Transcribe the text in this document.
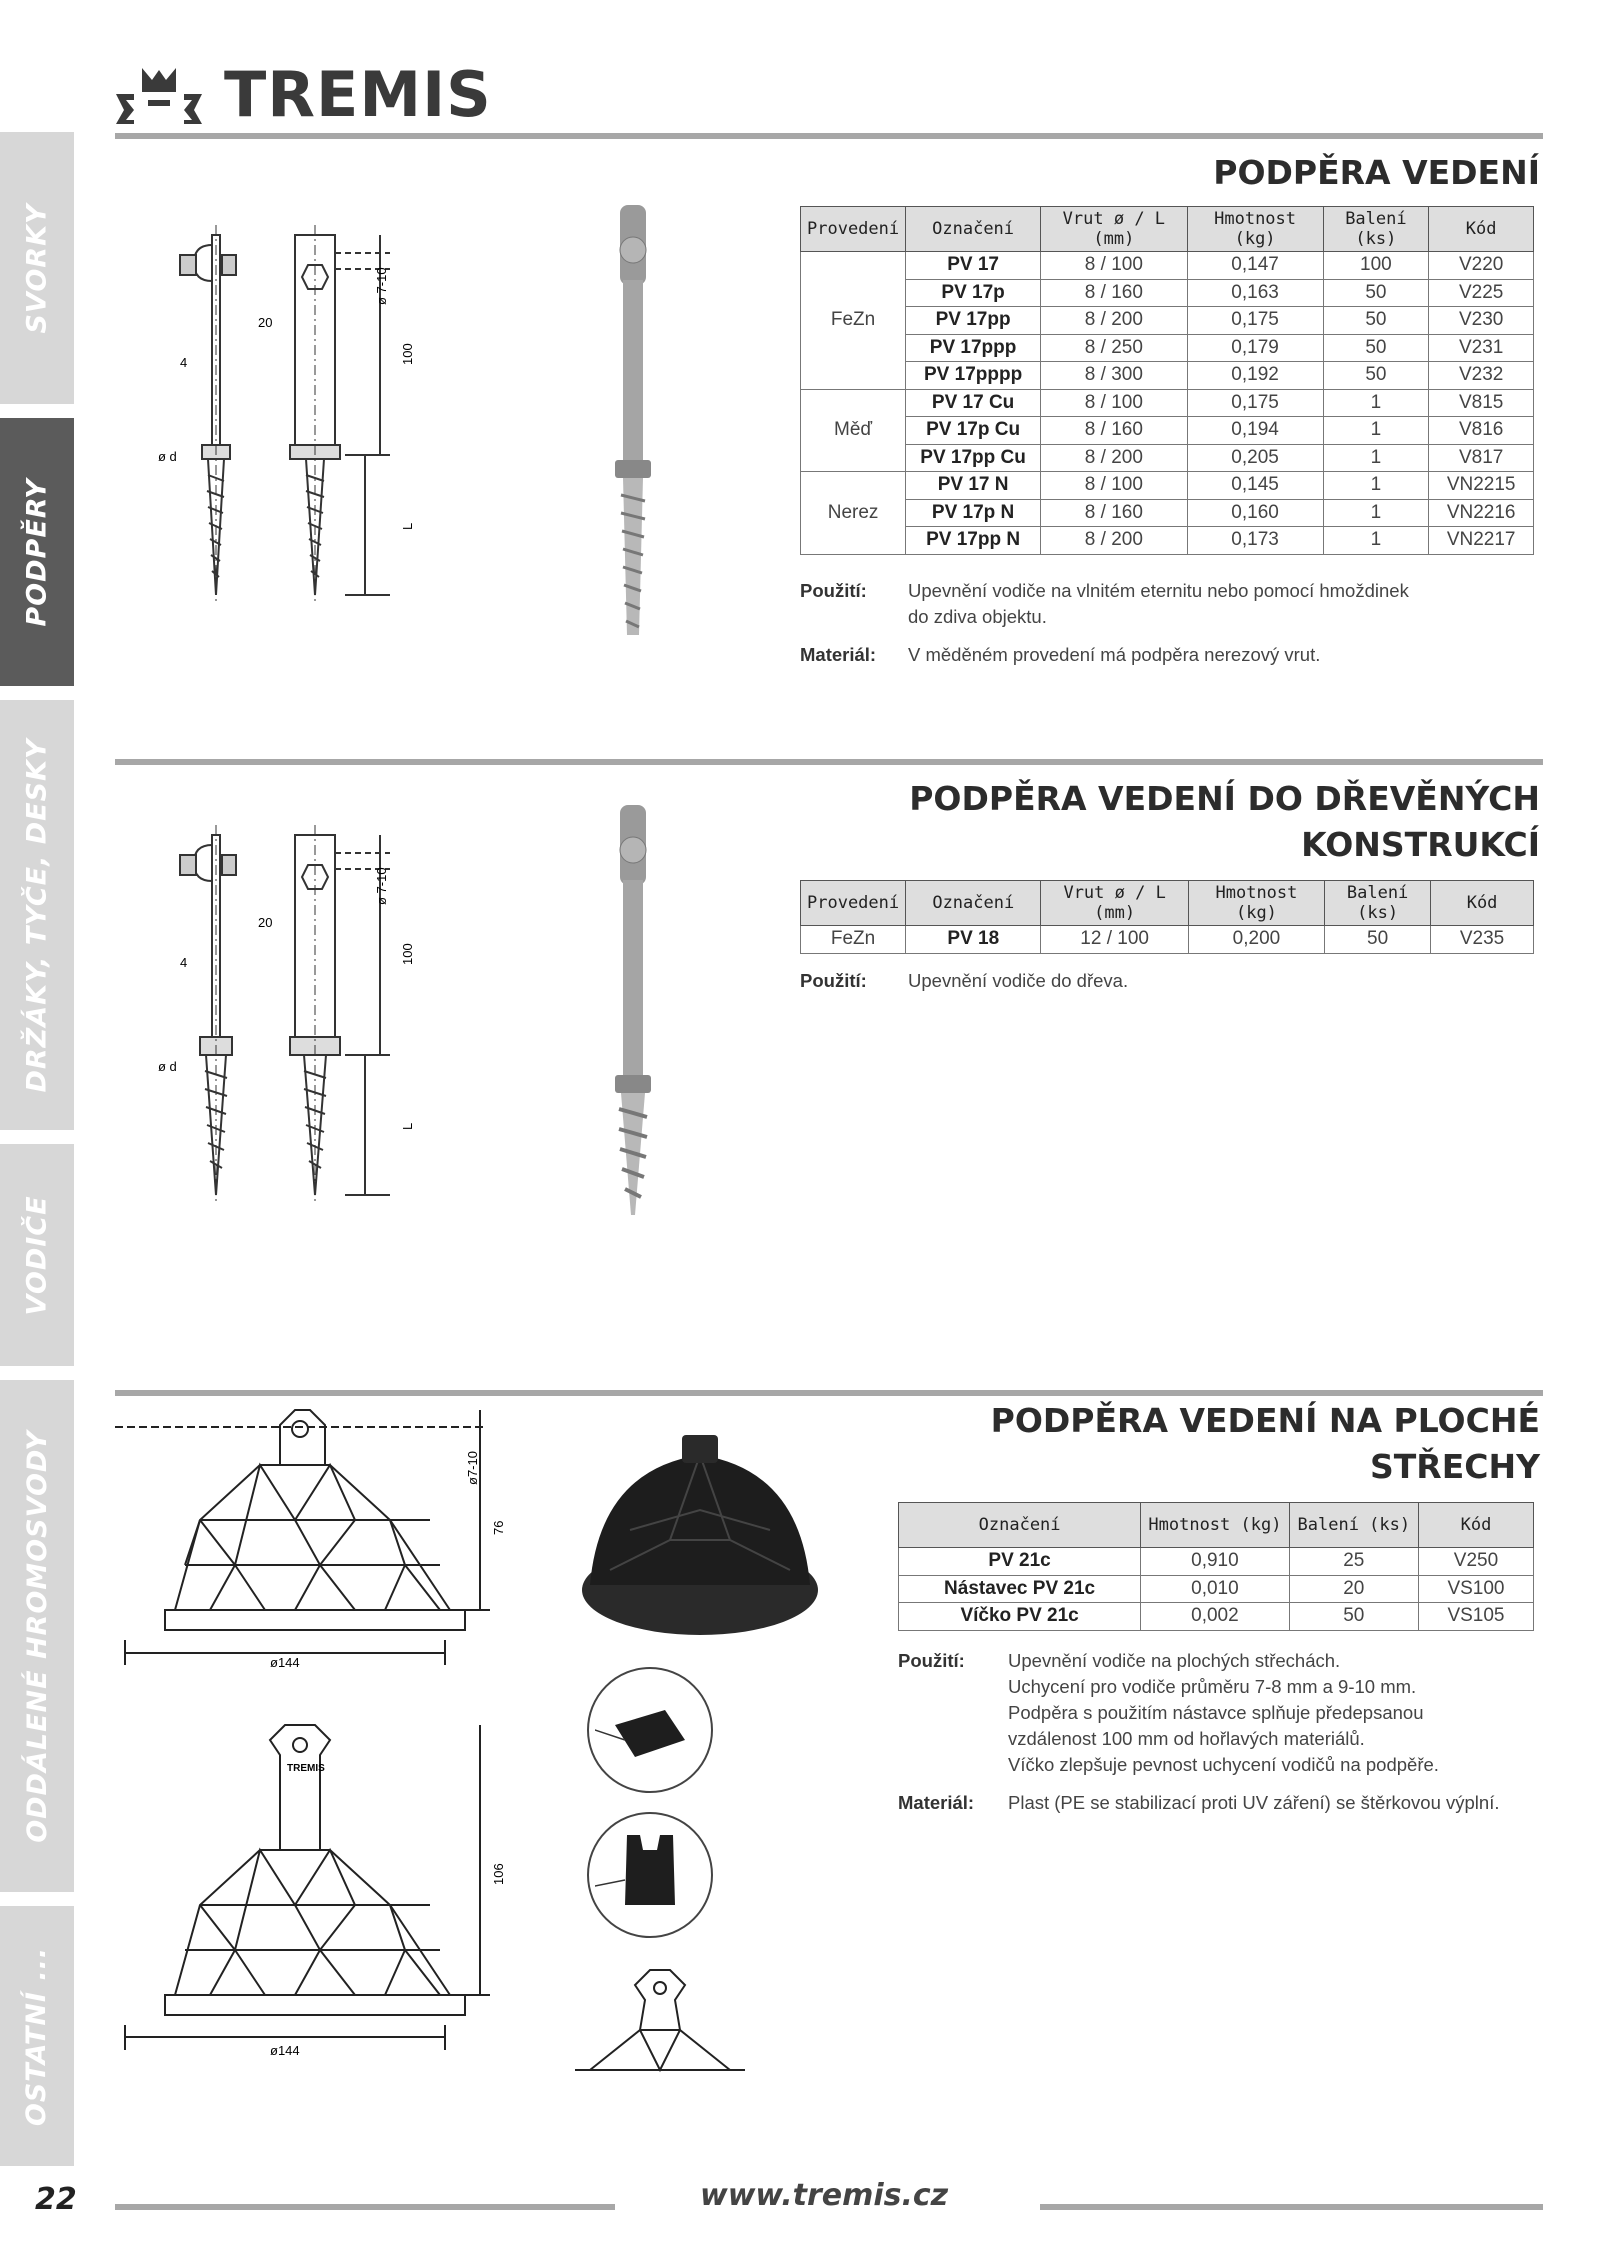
TREMIS
SVORKY
PODPĚRY
DRŽÁKY, TYČE, DESKY
VODIČE
ODDÁLENÉ HROMOSVODY
OSTATNÍ ...
PODPĚRA VEDENÍ
ø 7-10
20
4	100
ø d
L
Provedení	Označení	Vrut ø / L (mm)	Hmotnost (kg)	Balení (ks)	Kód
FeZn	PV 17	8 / 100	0,147	100	V220
	PV 17p	8 / 160	0,163	50	V225
	PV 17pp	8 / 200	0,175	50	V230
	PV 17ppp	8 / 250	0,179	50	V231
	PV 17pppp	8 / 300	0,192	50	V232
Měď	PV 17 Cu	8 / 100	0,175	1	V815
	PV 17p Cu	8 / 160	0,194	1	V816
	PV 17pp Cu	8 / 200	0,205	1	V817
Nerez	PV 17 N	8 / 100	0,145	1	VN2215
	PV 17p N	8 / 160	0,160	1	VN2216
	PV 17pp N	8 / 200	0,173	1	VN2217
Použití: Upevnění vodiče na vlnitém eternitu nebo pomocí hmoždinek
do zdiva objektu.
Materiál: V měděném provedení má podpěra nerezový vrut.
PODPĚRA VEDENÍ DO DŘEVĚNÝCH
KONSTRUKCÍ
ø 7-10
20
4	100
ø d
L
Provedení	Označení	Vrut ø / L (mm)	Hmotnost (kg)	Balení (ks)	Kód
FeZn	PV 18	12 / 100	0,200	50	V235
Použití: Upevnění vodiče do dřeva.
PODPĚRA VEDENÍ NA PLOCHÉ
STŘECHY
ø7-10
76
ø144
106
ø144
TREMIS
Označení	Hmotnost (kg)	Balení (ks)	Kód
PV 21c	0,910	25	V250
Nástavec PV 21c	0,010	20	VS100
Víčko PV 21c	0,002	50	VS105
Použití: Upevnění vodiče na plochých střechách.
Uchycení pro vodiče průměru 7-8 mm a 9-10 mm.
Podpěra s použitím nástavce splňuje předepsanou
vzdálenost 100 mm od hořlavých materiálů.
Víčko zlepšuje pevnost uchycení vodičů na podpěře.
Materiál: Plast (PE se stabilizací proti UV záření) se štěrkovou výplní.
22	www.tremis.cz
